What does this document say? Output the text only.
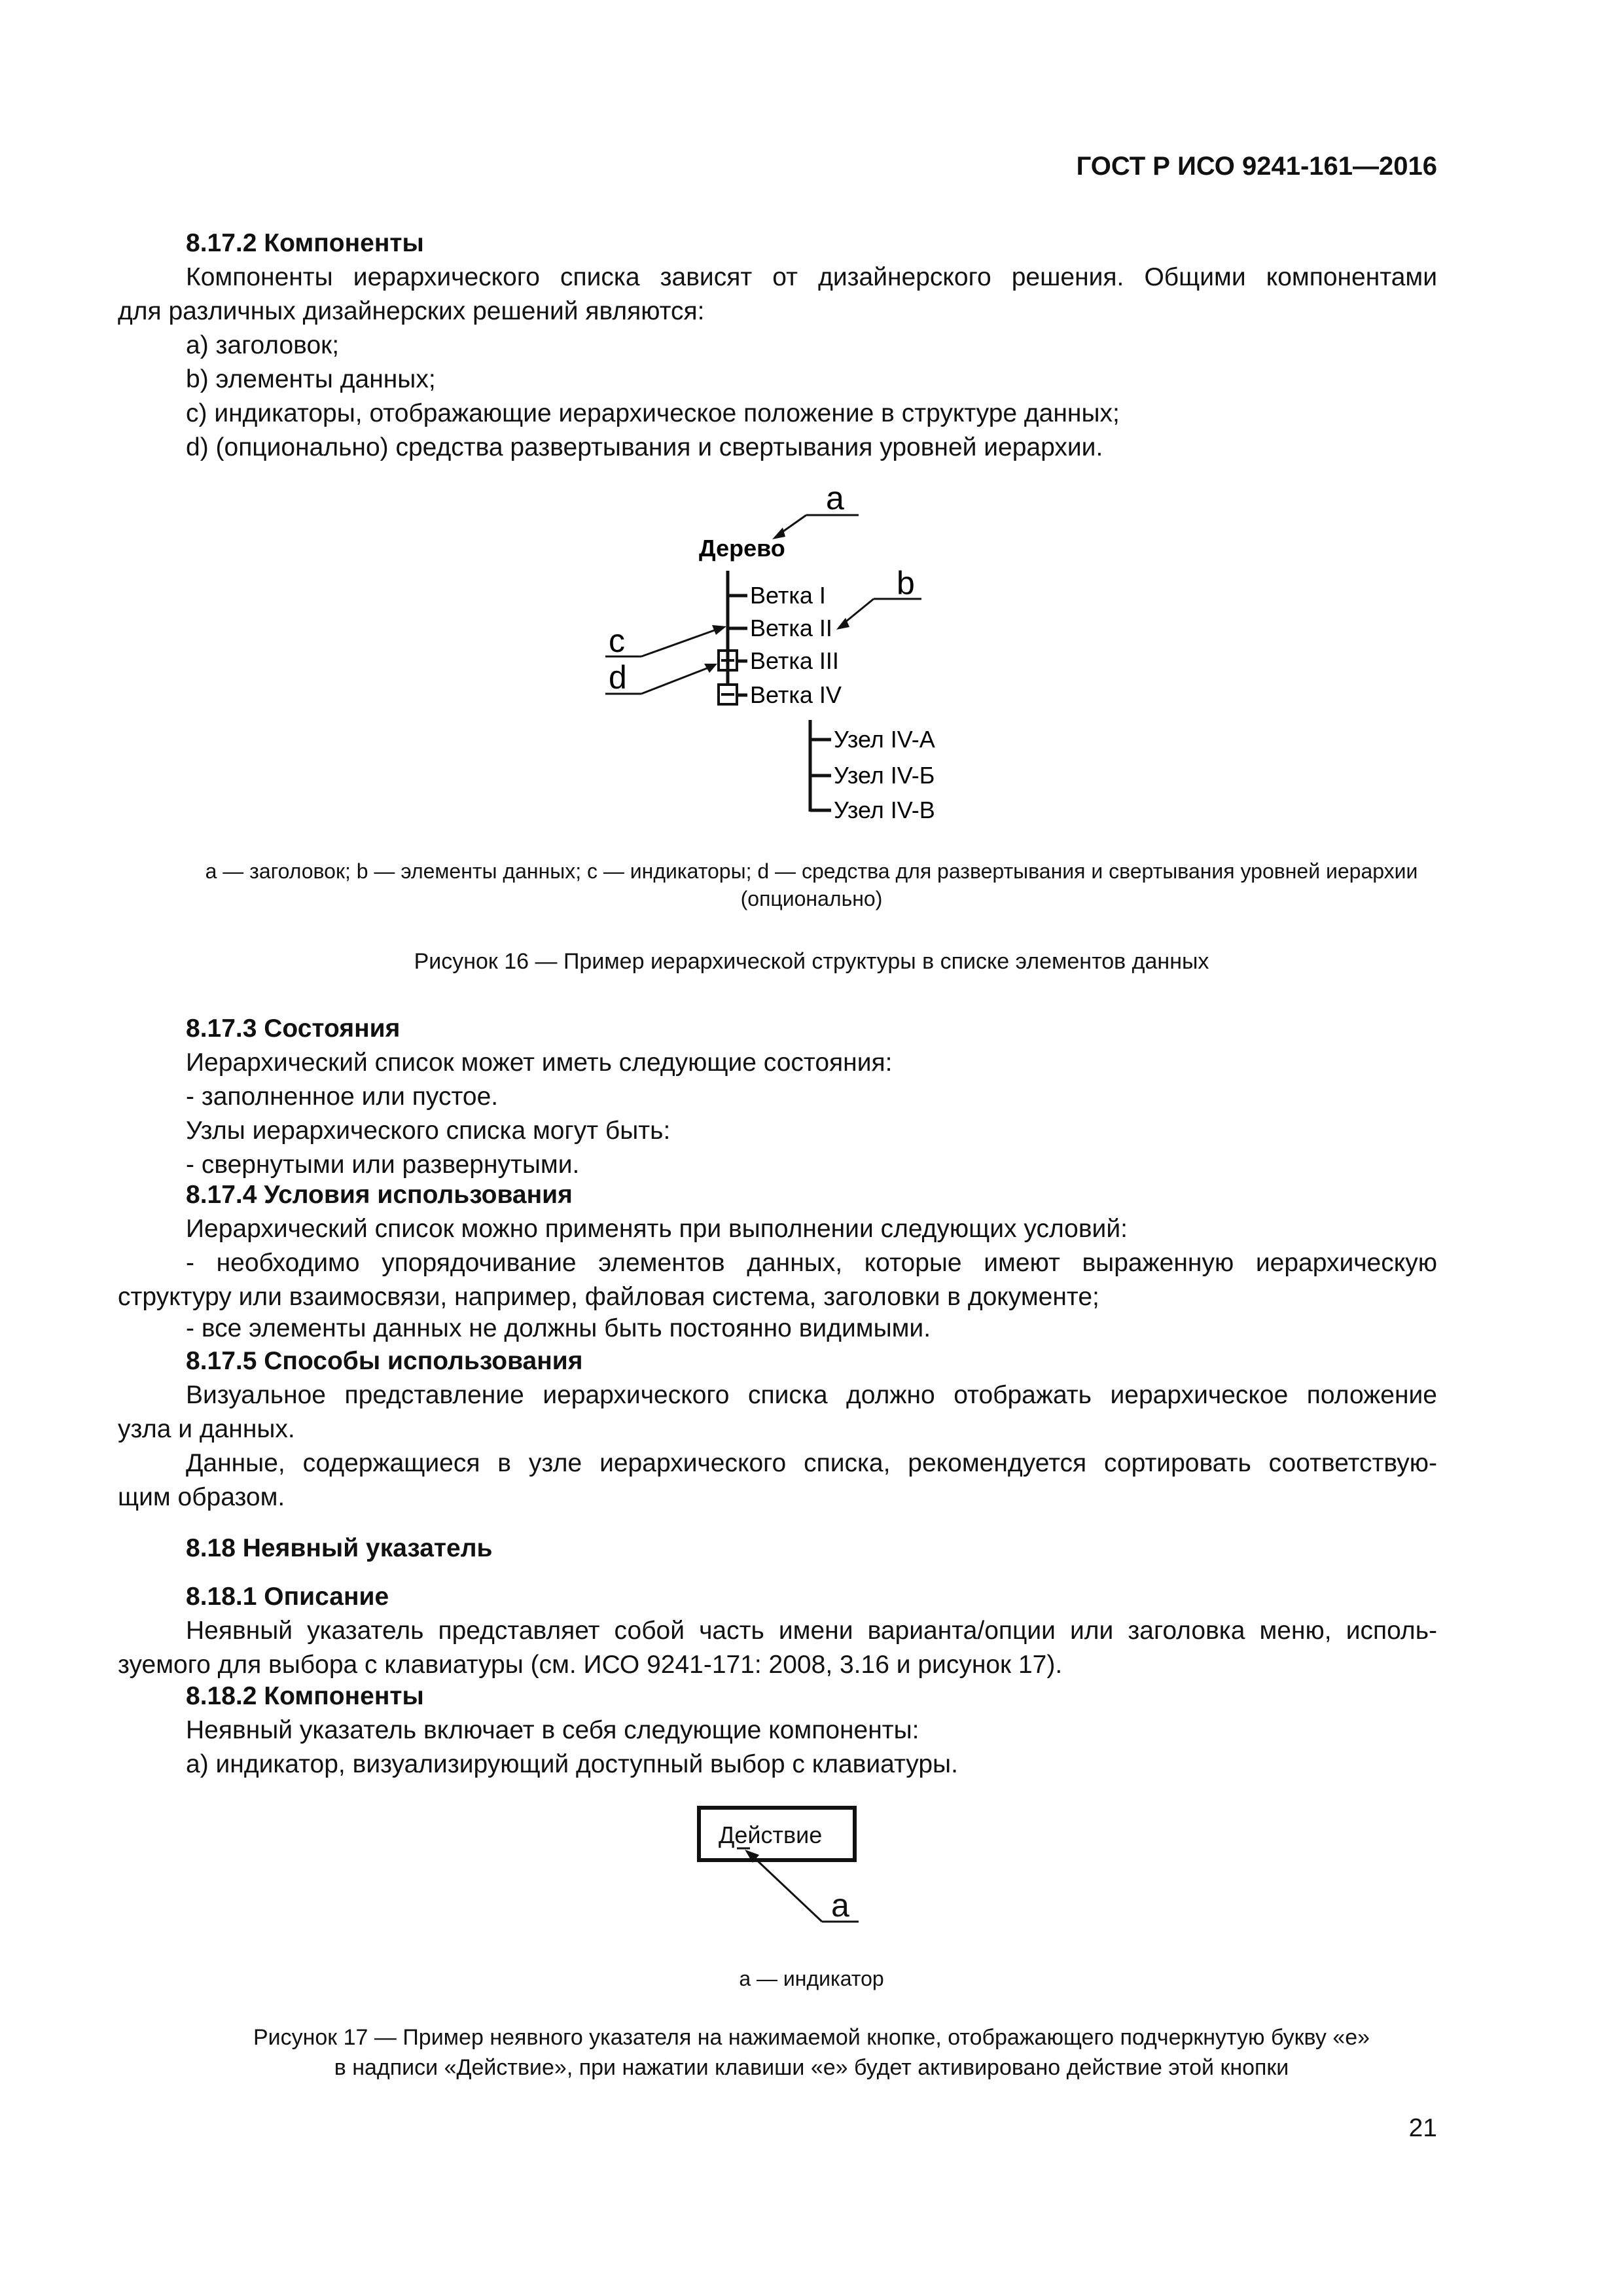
ГОСТ Р ИСО 9241-161—2016
8.17.2 Компоненты
Компоненты иерархического списка зависят от дизайнерского решения. Общими компонентами
для различных дизайнерских решений являются:
a) заголовок;
b) элементы данных;
c) индикаторы, отображающие иерархическое положение в структуре данных;
d) (опционально) средства развертывания и свертывания уровней иерархии.
Дерево
Ветка I
Ветка II
Ветка III
Ветка IV
Узел IV-А
Узел IV-Б
Узел IV-В
a
b
c
d
a — заголовок; b — элементы данных; c — индикаторы; d — средства для развертывания и свертывания уровней иерархии
(опционально)
Рисунок 16 — Пример иерархической структуры в списке элементов данных
8.17.3 Состояния
Иерархический список может иметь следующие состояния:
- заполненное или пустое.
Узлы иерархического списка могут быть:
- свернутыми или развернутыми.
8.17.4 Условия использования
Иерархический список можно применять при выполнении следующих условий:
- необходимо упорядочивание элементов данных, которые имеют выраженную иерархическую
структуру или взаимосвязи, например, файловая система, заголовки в документе;
- все элементы данных не должны быть постоянно видимыми.
8.17.5 Способы использования
Визуальное представление иерархического списка должно отображать иерархическое положение
узла и данных.
Данные, содержащиеся в узле иерархического списка, рекомендуется сортировать соответствую-
щим образом.
8.18 Неявный указатель
8.18.1 Описание
Неявный указатель представляет собой часть имени варианта/опции или заголовка меню, исполь-
зуемого для выбора с клавиатуры (см. ИСО 9241-171: 2008, 3.16 и рисунок 17).
8.18.2 Компоненты
Неявный указатель включает в себя следующие компоненты:
a) индикатор, визуализирующий доступный выбор с клавиатуры.
Действие
a
a — индикатор
Рисунок 17 — Пример неявного указателя на нажимаемой кнопке, отображающего подчеркнутую букву «е»
в надписи «Действие», при нажатии клавиши «е» будет активировано действие этой кнопки
21
